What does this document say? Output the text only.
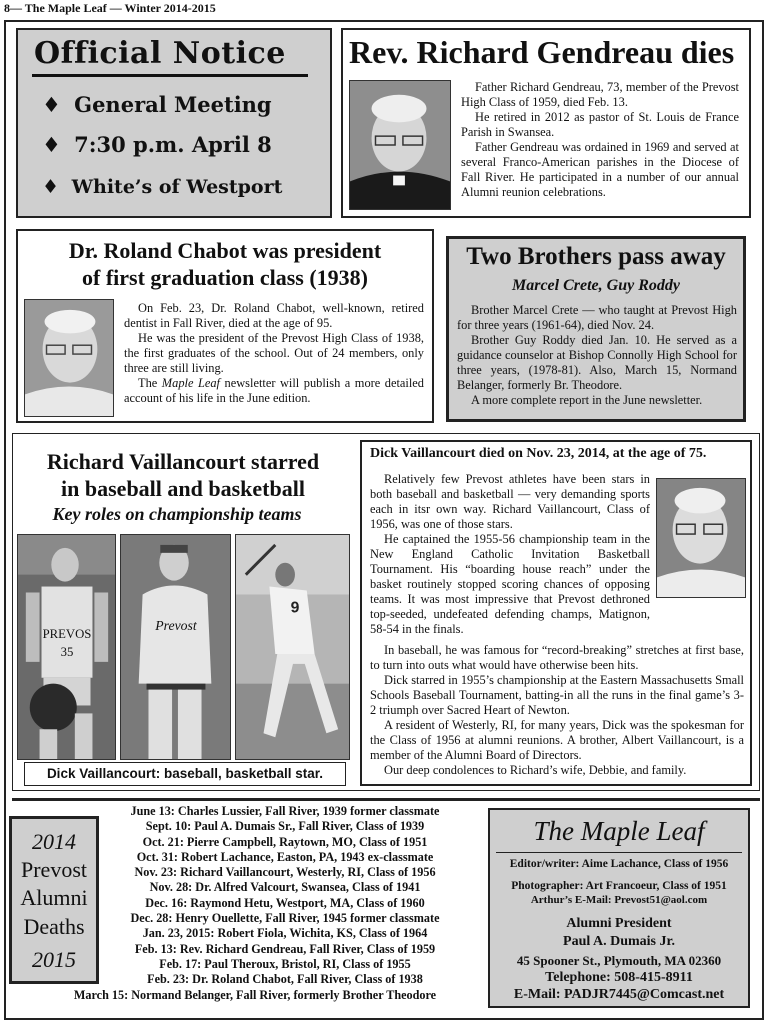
8— The Maple Leaf — Winter 2014-2015
Official Notice
♦ General Meeting
♦ 7:30 p.m. April 8
♦ White’s of Westport
Rev. Richard Gendreau dies

Father Richard Gendreau, 73, member of the Prevost High Class of 1959, died Feb. 13.

He retired in 2012 as pastor of St. Louis de France Parish in Swansea.

Father Gendreau was ordained in 1969 and served at several Franco-American parishes in the Diocese of Fall River. He participated in a number of our annual Alumni reunion celebrations.

Dr. Roland Chabot was president
of first graduation class (1938)

On Feb. 23, Dr. Roland Chabot, well-known, retired dentist in Fall River, died at the age of 95.

He was the president of the Prevost High Class of 1938, the first graduates of the school. Out of 24 members, only three are still living.

The Maple Leaf newsletter will publish a more detailed account of his life in the June edition.

Two Brothers pass away
Marcel Crete, Guy Roddy

Brother Marcel Crete — who taught at Prevost High for three years (1961-64), died Nov. 24.

Brother Guy Roddy died Jan. 10. He served as a guidance counselor at Bishop Connolly High School for three years, (1978-81). Also, March 15, Normand Belanger, formerly Br. Theodore.

A more complete report in the June newsletter.

Richard Vaillancourt starred
in baseball and basketball
Key roles on championship teams
PREVOS
35
Prevost
9
Dick Vaillancourt: baseball, basketball star.
Dick Vaillancourt died on Nov. 23, 2014, at the age of 75.

Relatively few Prevost athletes have been stars in both baseball and basketball — very demanding sports each in itsr own way. Richard Vaillancourt, Class of 1956, was one of those stars.

He captained the 1955-56 championship team in the New England Catholic Invitation Basketball Tournament. His “boarding house reach” under the basket routinely stopped scoring chances of opposing teams. It was most impressive that Prevost dethroned top-seeded, undefeated defending champs, Matignon, 58-54 in the finals.

In baseball, he was famous for “record-breaking” stretches at first base, to turn into outs what would have otherwise been hits.

Dick starred in 1955’s championship at the Eastern Massachusetts Small Schools Baseball Tournament, batting-in all the runs in the final game’s 3-2 triumph over Sacred Heart of Newton.

A resident of Westerly, RI, for many years, Dick was the spokesman for the Class of 1956 at alumni reunions. A brother, Albert Vaillancourt, is a member of the Alumni Board of Directors.

Our deep condolences to Richard’s wife, Debbie, and family.

2014
Prevost
Alumni
Deaths
2015
June 13: Charles Lussier, Fall River, 1939 former classmate
Sept. 10: Paul A. Dumais Sr., Fall River, Class of 1939
Oct. 21: Pierre Campbell, Raytown, MO, Class of 1951
Oct. 31: Robert Lachance, Easton, PA, 1943 ex-classmate
Nov. 23: Richard Vaillancourt, Westerly, RI, Class of 1956
Nov. 28: Dr. Alfred Valcourt, Swansea, Class of 1941
Dec. 16: Raymond Hetu, Westport, MA, Class of 1960
Dec. 28: Henry Ouellette, Fall River, 1945 former classmate
Jan. 23, 2015: Robert Fiola, Wichita, KS, Class of 1964
Feb. 13: Rev. Richard Gendreau, Fall River, Class of 1959
Feb. 17: Paul Theroux, Bristol, RI, Class of 1955
Feb. 23: Dr. Roland Chabot, Fall River, Class of 1938
March 15: Normand Belanger, Fall River, formerly Brother Theodore
The Maple Leaf
Editor/writer: Aime Lachance, Class of 1956
Photographer: Art Francoeur, Class of 1951
Arthur’s E-Mail: Prevost51@aol.com
Alumni President
Paul A. Dumais Jr.
45 Spooner St., Plymouth, MA 02360
Telephone: 508-415-8911
E-Mail: PADJR7445@Comcast.net
